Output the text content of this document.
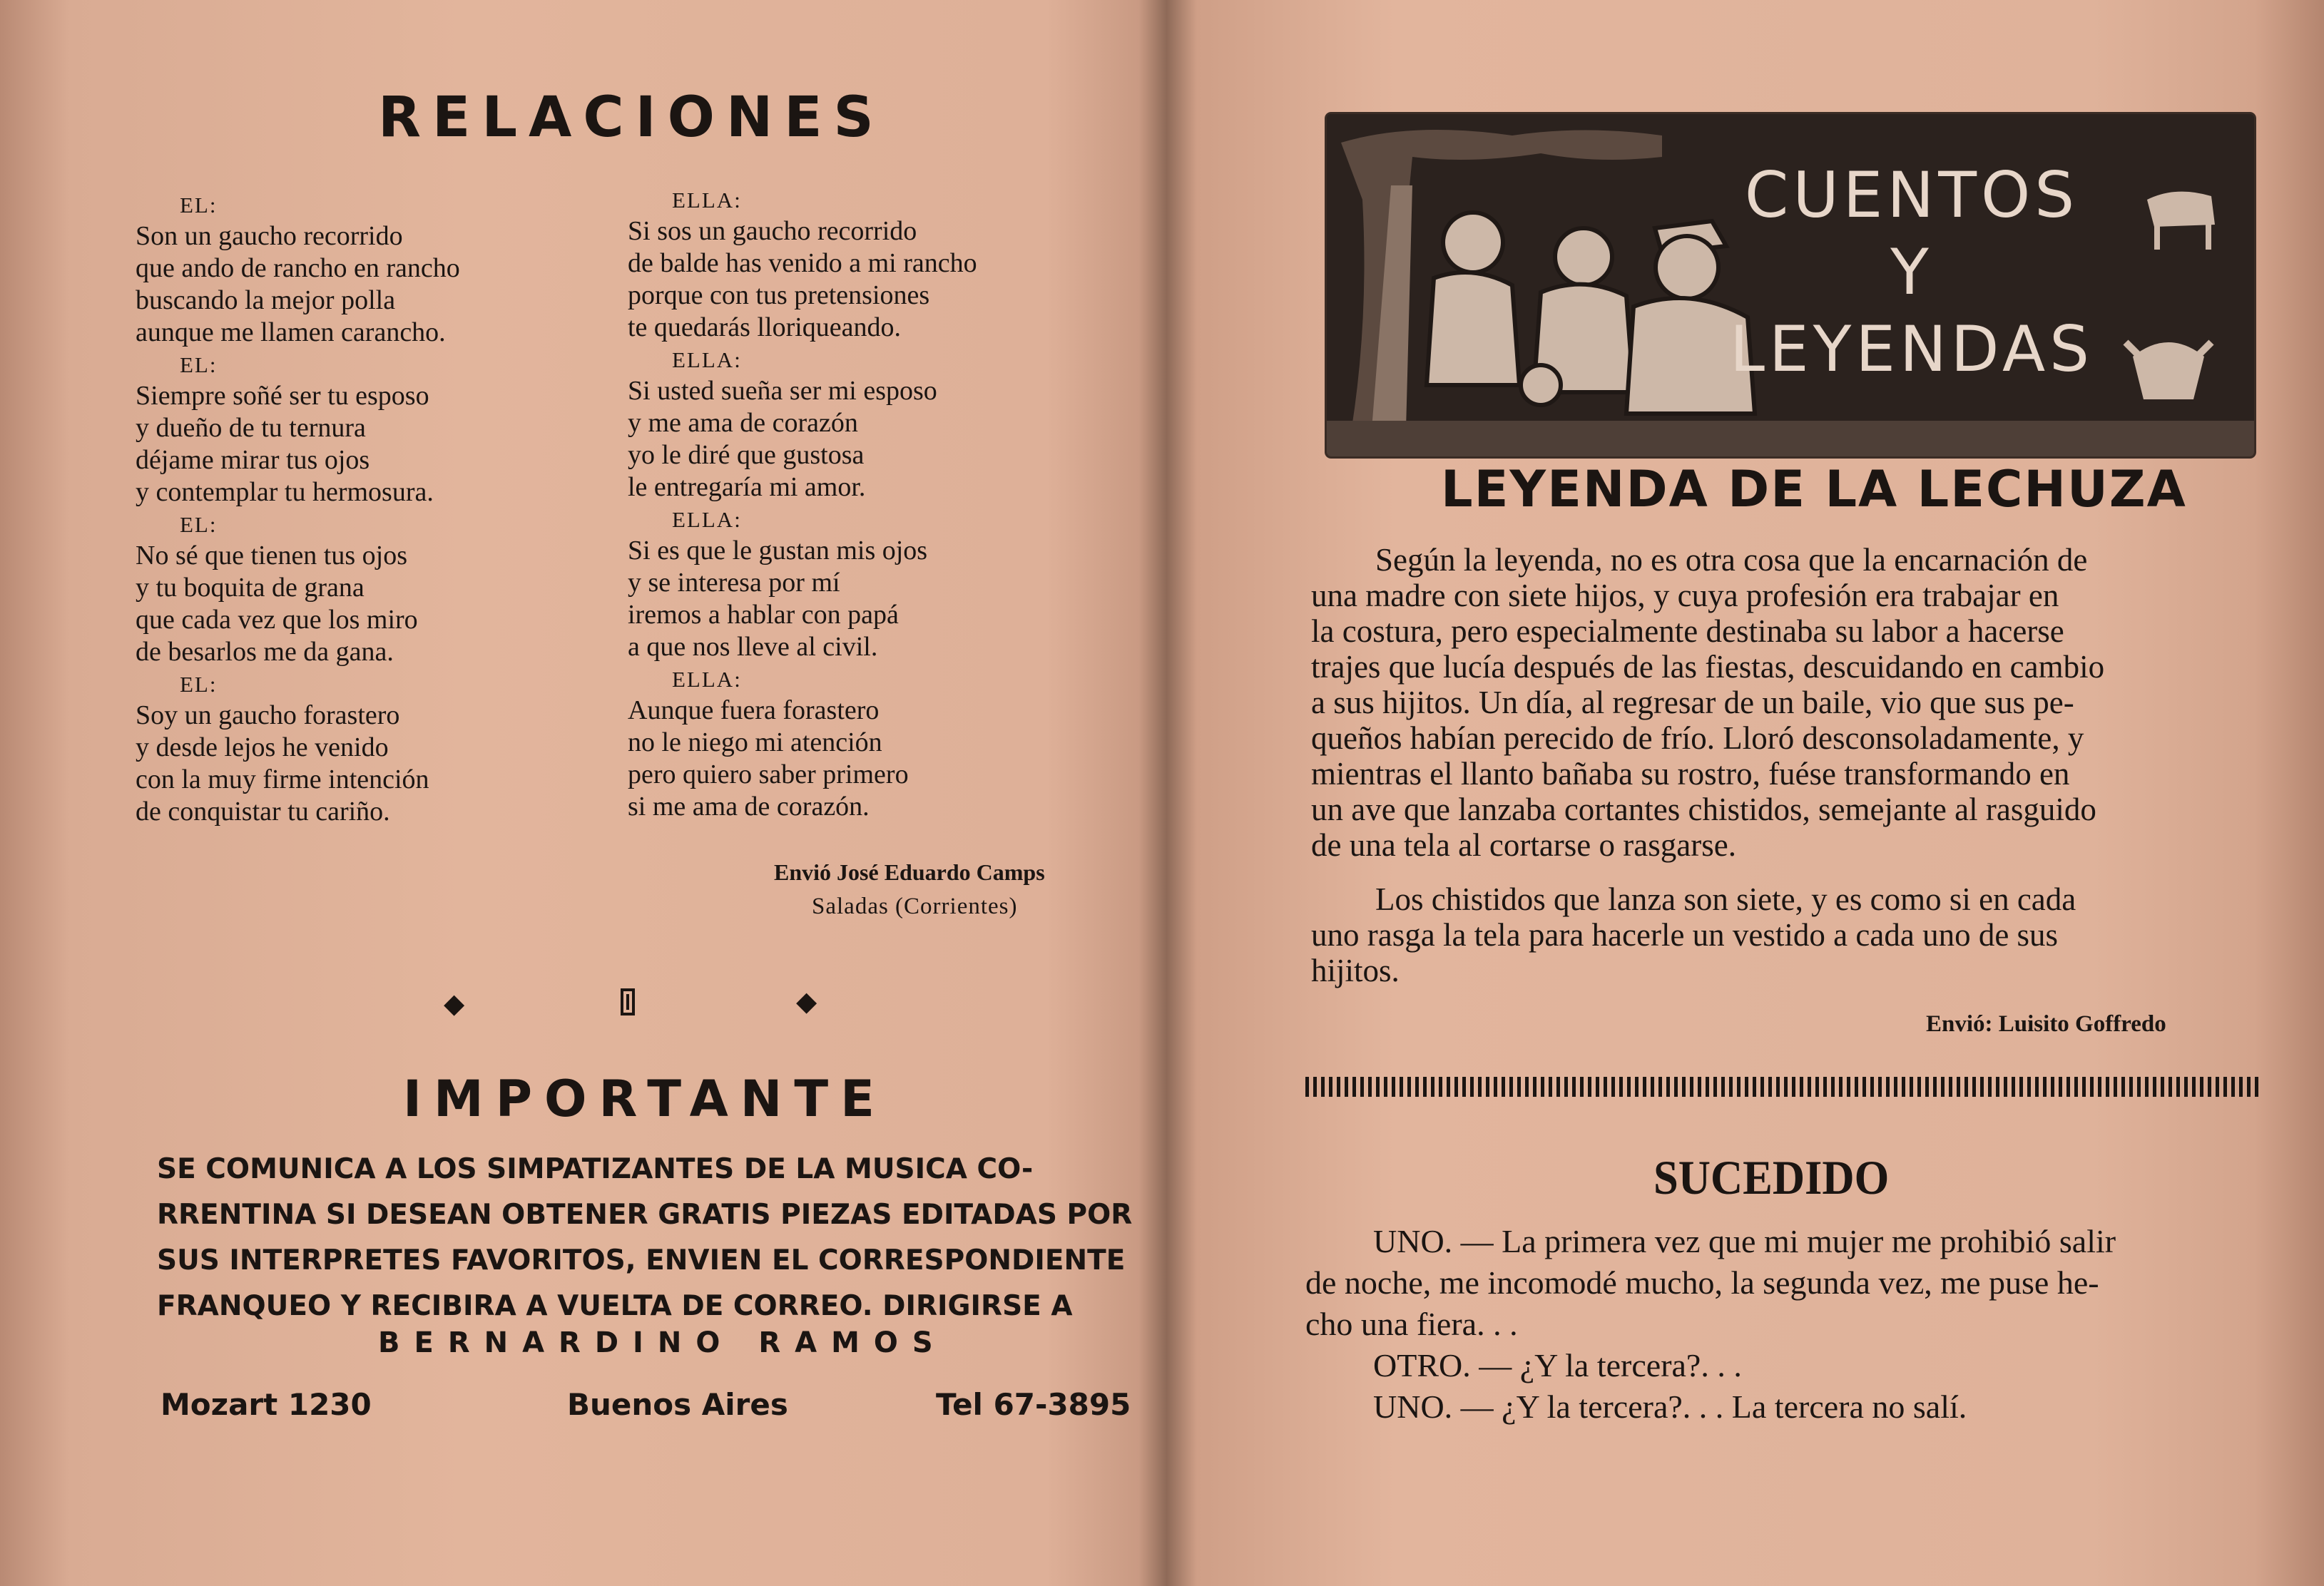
RELACIONES
EL:
Son un gaucho recorrido
que ando de rancho en rancho
buscando la mejor polla
aunque me llamen carancho.
EL:
Siempre soñé ser tu esposo
y dueño de tu ternura
déjame mirar tus ojos
y contemplar tu hermosura.
EL:
No sé que tienen tus ojos
y tu boquita de grana
que cada vez que los miro
de besarlos me da gana.
EL:
Soy un gaucho forastero
y desde lejos he venido
con la muy firme intención
de conquistar tu cariño.
ELLA:
Si sos un gaucho recorrido
de balde has venido a mi rancho
porque con tus pretensiones
te quedarás lloriqueando.
ELLA:
Si usted sueña ser mi esposo
y me ama de corazón
yo le diré que gustosa
le entregaría mi amor.
ELLA:
Si es que le gustan mis ojos
y se interesa por mí
iremos a hablar con papá
a que nos lleve al civil.
ELLA:
Aunque fuera forastero
no le niego mi atención
pero quiero saber primero
si me ama de corazón.
Envió José Eduardo Camps
Saladas (Corrientes)
◆	◆
IMPORTANTE
SE COMUNICA A LOS SIMPATIZANTES DE LA MUSICA CO-
RRENTINA SI DESEAN OBTENER GRATIS PIEZAS EDITADAS POR
SUS INTERPRETES FAVORITOS, ENVIEN EL CORRESPONDIENTE
FRANQUEO Y RECIBIRA A VUELTA DE CORREO. DIRIGIRSE A
BERNARDINO RAMOS
Mozart 1230	Buenos Aires	Tel 67-3895
CUENTOS
Y
LEYENDAS
LEYENDA DE LA LECHUZA
Según la leyenda, no es otra cosa que la encarnación de
una madre con siete hijos, y cuya profesión era trabajar en
la costura, pero especialmente destinaba su labor a hacerse
trajes que lucía después de las fiestas, descuidando en cambio
a sus hijitos. Un día, al regresar de un baile, vio que sus pe-
queños habían perecido de frío. Lloró desconsoladamente, y
mientras el llanto bañaba su rostro, fuése transformando en
un ave que lanzaba cortantes chistidos, semejante al rasguido
de una tela al cortarse o rasgarse.
Los chistidos que lanza son siete, y es como si en cada
uno rasga la tela para hacerle un vestido a cada uno de sus
hijitos.
Envió: Luisito Goffredo
SUCEDIDO
UNO. — La primera vez que mi mujer me prohibió salir
de noche, me incomodé mucho, la segunda vez, me puse he-
cho una fiera. . .
OTRO. — ¿Y la tercera?. . .
UNO. — ¿Y la tercera?. . . La tercera no salí.
